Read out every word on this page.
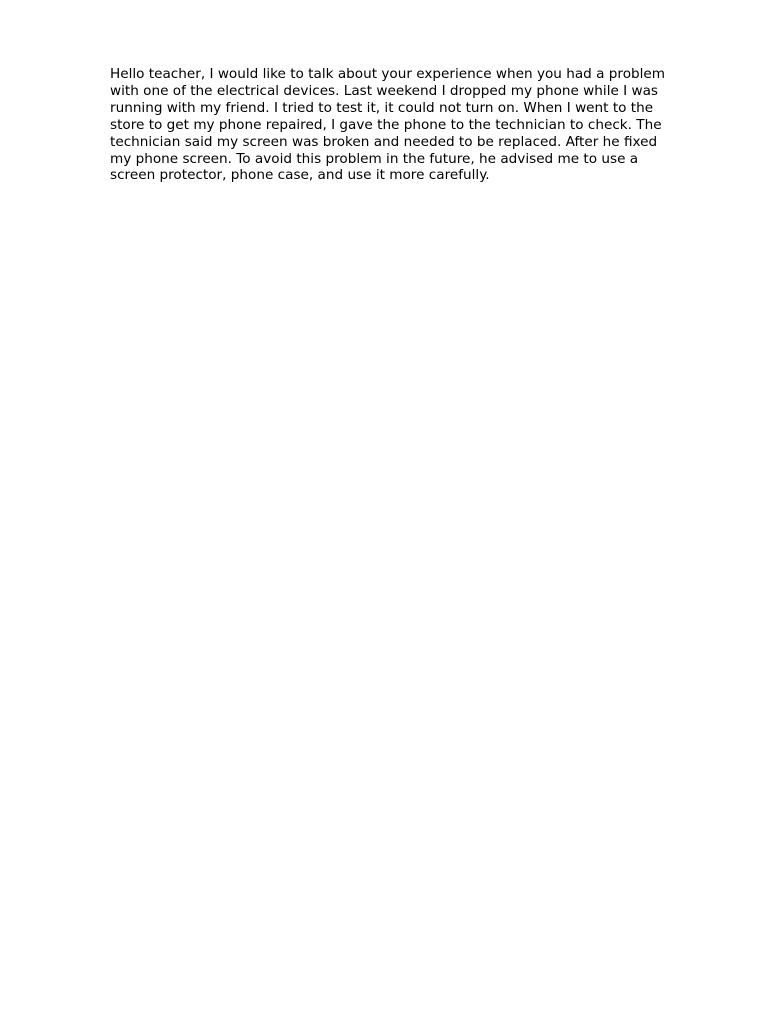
Hello teacher, I would like to talk about your experience when you had a problem
with one of the electrical devices. Last weekend I dropped my phone while I was
running with my friend. I tried to test it, it could not turn on. When I went to the
store to get my phone repaired, I gave the phone to the technician to check. The
technician said my screen was broken and needed to be replaced. After he fixed
my phone screen. To avoid this problem in the future, he advised me to use a
screen protector, phone case, and use it more carefully.
